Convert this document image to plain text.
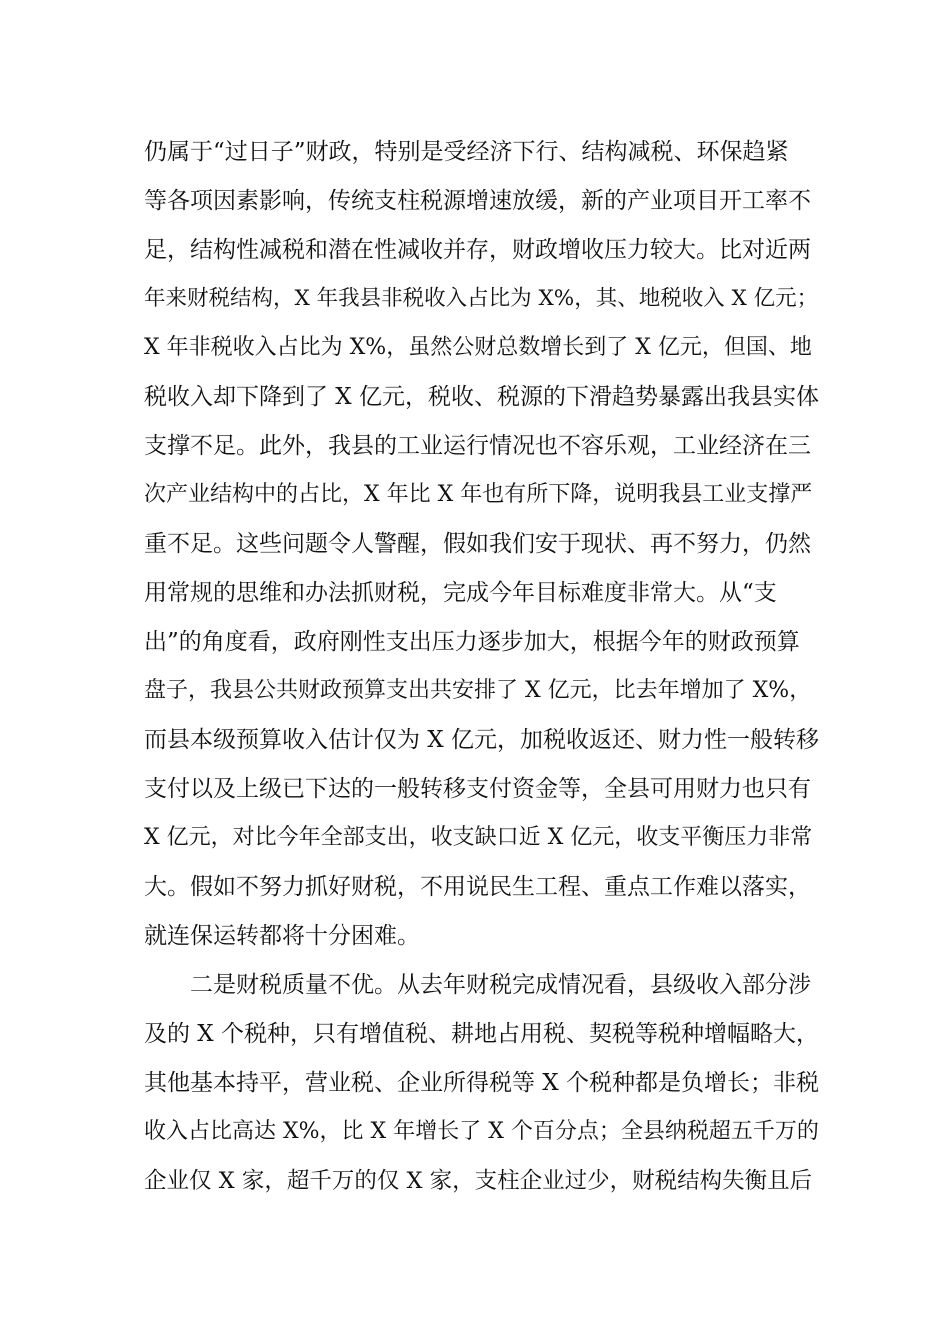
仍属于“过日子”财政，特别是受经济下行、结构减税、环保趋紧
等各项因素影响，传统支柱税源增速放缓，新的产业项目开工率不
足，结构性减税和潜在性减收并存，财政增收压力较大。比对近两
年来财税结构，X 年我县非税收入占比为 X%，其、地税收入 X 亿元；
X 年非税收入占比为 X%，虽然公财总数增长到了 X 亿元，但国、地
税收入却下降到了 X 亿元，税收、税源的下滑趋势暴露出我县实体
支撑不足。此外，我县的工业运行情况也不容乐观，工业经济在三
次产业结构中的占比，X 年比 X 年也有所下降，说明我县工业支撑严
重不足。这些问题令人警醒，假如我们安于现状、再不努力，仍然
用常规的思维和办法抓财税，完成今年目标难度非常大。从“支
出”的角度看，政府刚性支出压力逐步加大，根据今年的财政预算
盘子，我县公共财政预算支出共安排了 X 亿元，比去年增加了 X%，
而县本级预算收入估计仅为 X 亿元，加税收返还、财力性一般转移
支付以及上级已下达的一般转移支付资金等，全县可用财力也只有
X 亿元，对比今年全部支出，收支缺口近 X 亿元，收支平衡压力非常
大。假如不努力抓好财税，不用说民生工程、重点工作难以落实，
就连保运转都将十分困难。
二是财税质量不优。从去年财税完成情况看，县级收入部分涉
及的 X 个税种，只有增值税、耕地占用税、契税等税种增幅略大，
其他基本持平，营业税、企业所得税等 X 个税种都是负增长；非税
收入占比高达 X%，比 X 年增长了 X 个百分点；全县纳税超五千万的
企业仅 X 家，超千万的仅 X 家，支柱企业过少，财税结构失衡且后
